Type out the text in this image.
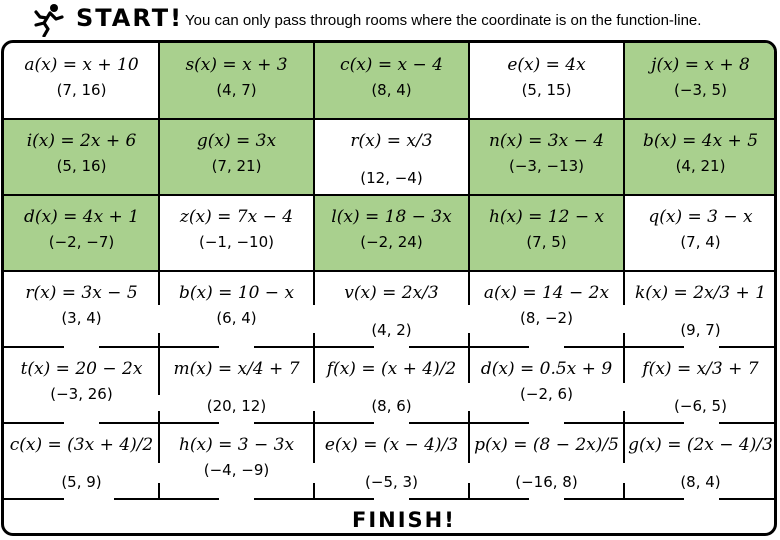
START! You can only pass through rooms where the coordinate is on the function-line.
a(x) = x + 10
(7, 16)
s(x) = x + 3
(4, 7)
c(x) = x − 4
(8, 4)
e(x) = 4x
(5, 15)
j(x) = x + 8
(−3, 5)
i(x) = 2x + 6
(5, 16)
g(x) = 3x
(7, 21)
r(x) = x/3
(12, −4)
n(x) = 3x − 4
(−3, −13)
b(x) = 4x + 5
(4, 21)
d(x) = 4x + 1
(−2, −7)
z(x) = 7x − 4
(−1, −10)
l(x) = 18 − 3x
(−2, 24)
h(x) = 12 − x
(7, 5)
q(x) = 3 − x
(7, 4)
r(x) = 3x − 5
(3, 4)
b(x) = 10 − x
(6, 4)
v(x) = 2x/3
(4, 2)
a(x) = 14 − 2x
(8, −2)
k(x) = 2x/3 + 1
(9, 7)
t(x) = 20 − 2x
(−3, 26)
m(x) = x/4 + 7
(20, 12)
f(x) = (x + 4)/2
(8, 6)
d(x) = 0.5x + 9
(−2, 6)
f(x) = x/3 + 7
(−6, 5)
c(x) = (3x + 4)/2
(5, 9)
h(x) = 3 − 3x
(−4, −9)
e(x) = (x − 4)/3
(−5, 3)
p(x) = (8 − 2x)/5
(−16, 8)
g(x) = (2x − 4)/3
(8, 4)
FINISH!
